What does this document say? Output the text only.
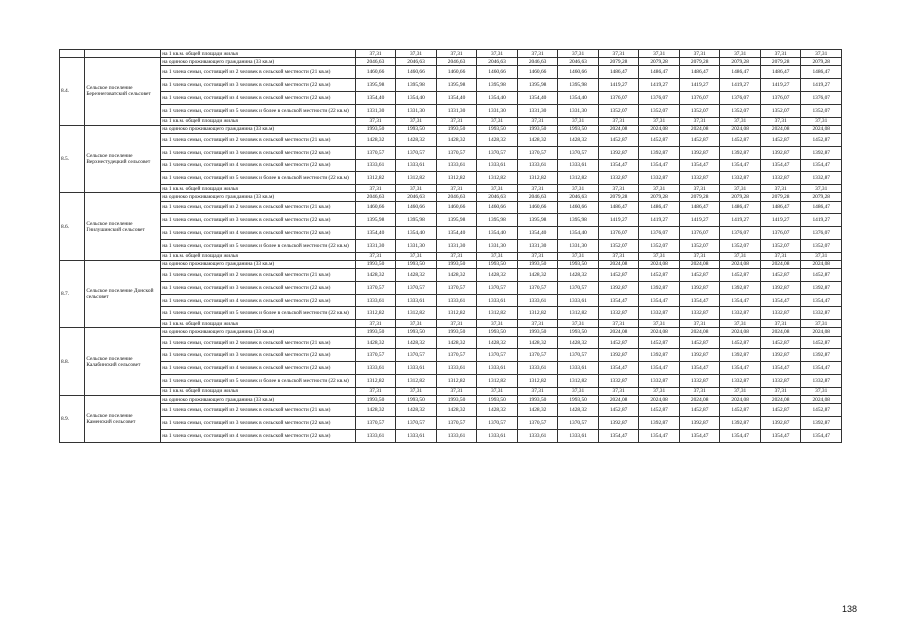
		на 1 кв.м. общей площади жилья	37,31	37,31	37,31	37,31	37,31	37,31	37,31	37,31	37,31	37,31	37,31	37,31
8.4.	Сельское поселение Березнеговатский сельсовет	на одиноко проживающего гражданина (33 кв.м)	2046,63	2046,63	2046,63	2046,63	2046,63	2046,63	2079,28	2079,28	2079,28	2079,28	2079,28	2079,28
		на 1 члена семьи, состоящей из 2 человек в сельской местности (21 кв.м)	1460,66	1460,66	1460,66	1460,66	1460,66	1460,66	1486,47	1486,47	1486,47	1486,47	1486,47	1486,47
		на 1 члена семьи, состоящей из 3 человек в сельской местности (22 кв.м)	1395,98	1395,98	1395,98	1395,98	1395,98	1395,98	1419,27	1419,27	1419,27	1419,27	1419,27	1419,27
		на 1 члена семьи, состоящей из 4 человек в сельской местности (22 кв.м)	1354,40	1354,40	1354,40	1354,40	1354,40	1354,40	1376,07	1376,07	1376,07	1376,07	1376,07	1376,07
		на 1 члена семьи, состоящей из 5 человек и более в сельской местности (22 кв.м)	1331,30	1331,30	1331,30	1331,30	1331,30	1331,30	1352,07	1352,07	1352,07	1352,07	1352,07	1352,07
		на 1 кв.м. общей площади жилья	37,31	37,31	37,31	37,31	37,31	37,31	37,31	37,31	37,31	37,31	37,31	37,31
8.5.	Сельское поселение Верхнестудецкий сельсовет	на одиноко проживающего гражданина (33 кв.м)	1993,50	1993,50	1993,50	1993,50	1993,50	1993,50	2024,08	2024,08	2024,08	2024,08	2024,08	2024,08
		на 1 члена семьи, состоящей из 2 человек в сельской местности (21 кв.м)	1428,32	1428,32	1428,32	1428,32	1428,32	1428,32	1452,87	1452,87	1452,87	1452,87	1452,87	1452,87
		на 1 члена семьи, состоящей из 3 человек в сельской местности (22 кв.м)	1370,57	1370,57	1370,57	1370,57	1370,57	1370,57	1392,87	1392,87	1392,87	1392,87	1392,87	1392,87
		на 1 члена семьи, состоящей из 4 человек в сельской местности (22 кв.м)	1333,61	1333,61	1333,61	1333,61	1333,61	1333,61	1354,47	1354,47	1354,47	1354,47	1354,47	1354,47
		на 1 члена семьи, состоящей из 5 человек и более в сельской местности (22 кв.м)	1312,82	1312,82	1312,82	1312,82	1312,82	1312,82	1332,87	1332,87	1332,87	1332,87	1332,87	1332,87
		на 1 кв.м. общей площади жилья	37,31	37,31	37,31	37,31	37,31	37,31	37,31	37,31	37,31	37,31	37,31	37,31
8.6.	Сельское поселение Гнилушинский сельсовет	на одиноко проживающего гражданина (33 кв.м)	2046,63	2046,63	2046,63	2046,63	2046,63	2046,63	2079,28	2079,28	2079,28	2079,28	2079,28	2079,28
		на 1 члена семьи, состоящей из 2 человек в сельской местности (21 кв.м)	1460,66	1460,66	1460,66	1460,66	1460,66	1460,66	1486,47	1486,47	1486,47	1486,47	1486,47	1486,47
		на 1 члена семьи, состоящей из 3 человек в сельской местности (22 кв.м)	1395,98	1395,98	1395,98	1395,98	1395,98	1395,98	1419,27	1419,27	1419,27	1419,27	1419,27	1419,27
		на 1 члена семьи, состоящей из 4 человек в сельской местности (22 кв.м)	1354,40	1354,40	1354,40	1354,40	1354,40	1354,40	1376,07	1376,07	1376,07	1376,07	1376,07	1376,07
		на 1 члена семьи, состоящей из 5 человек и более в сельской местности (22 кв.м)	1331,30	1331,30	1331,30	1331,30	1331,30	1331,30	1352,07	1352,07	1352,07	1352,07	1352,07	1352,07
		на 1 кв.м. общей площади жилья	37,31	37,31	37,31	37,31	37,31	37,31	37,31	37,31	37,31	37,31	37,31	37,31
8.7.	Сельское поселение Донской сельсовет	на одиноко проживающего гражданина (33 кв.м)	1993,50	1993,50	1993,50	1993,50	1993,50	1993,50	2024,08	2024,08	2024,08	2024,08	2024,08	2024,08
		на 1 члена семьи, состоящей из 2 человек в сельской местности (21 кв.м)	1428,32	1428,32	1428,32	1428,32	1428,32	1428,32	1452,87	1452,87	1452,87	1452,87	1452,87	1452,87
		на 1 члена семьи, состоящей из 3 человек в сельской местности (22 кв.м)	1370,57	1370,57	1370,57	1370,57	1370,57	1370,57	1392,87	1392,87	1392,87	1392,87	1392,87	1392,87
		на 1 члена семьи, состоящей из 4 человек в сельской местности (22 кв.м)	1333,61	1333,61	1333,61	1333,61	1333,61	1333,61	1354,47	1354,47	1354,47	1354,47	1354,47	1354,47
		на 1 члена семьи, состоящей из 5 человек и более в сельской местности (22 кв.м)	1312,82	1312,82	1312,82	1312,82	1312,82	1312,82	1332,87	1332,87	1332,87	1332,87	1332,87	1332,87
		на 1 кв.м. общей площади жилья	37,31	37,31	37,31	37,31	37,31	37,31	37,31	37,31	37,31	37,31	37,31	37,31
8.8.	Сельское поселение Калабинский сельсовет	на одиноко проживающего гражданина (33 кв.м)	1993,50	1993,50	1993,50	1993,50	1993,50	1993,50	2024,08	2024,08	2024,08	2024,08	2024,08	2024,08
		на 1 члена семьи, состоящей из 2 человек в сельской местности (21 кв.м)	1428,32	1428,32	1428,32	1428,32	1428,32	1428,32	1452,87	1452,87	1452,87	1452,87	1452,87	1452,87
		на 1 члена семьи, состоящей из 3 человек в сельской местности (22 кв.м)	1370,57	1370,57	1370,57	1370,57	1370,57	1370,57	1392,87	1392,87	1392,87	1392,87	1392,87	1392,87
		на 1 члена семьи, состоящей из 4 человек в сельской местности (22 кв.м)	1333,61	1333,61	1333,61	1333,61	1333,61	1333,61	1354,47	1354,47	1354,47	1354,47	1354,47	1354,47
		на 1 члена семьи, состоящей из 5 человек и более в сельской местности (22 кв.м)	1312,82	1312,82	1312,82	1312,82	1312,82	1312,82	1332,87	1332,87	1332,87	1332,87	1332,87	1332,87
		на 1 кв.м. общей площади жилья	37,31	37,31	37,31	37,31	37,31	37,31	37,31	37,31	37,31	37,31	37,31	37,31
8.9.	Сельское поселение Каменский сельсовет	на одиноко проживающего гражданина (33 кв.м)	1993,50	1993,50	1993,50	1993,50	1993,50	1993,50	2024,08	2024,08	2024,08	2024,08	2024,08	2024,08
		на 1 члена семьи, состоящей из 2 человек в сельской местности (21 кв.м)	1428,32	1428,32	1428,32	1428,32	1428,32	1428,32	1452,87	1452,87	1452,87	1452,87	1452,87	1452,87
		на 1 члена семьи, состоящей из 3 человек в сельской местности (22 кв.м)	1370,57	1370,57	1370,57	1370,57	1370,57	1370,57	1392,87	1392,87	1392,87	1392,87	1392,87	1392,87
		на 1 члена семьи, состоящей из 4 человек в сельской местности (22 кв.м)	1333,61	1333,61	1333,61	1333,61	1333,61	1333,61	1354,47	1354,47	1354,47	1354,47	1354,47	1354,47
138
